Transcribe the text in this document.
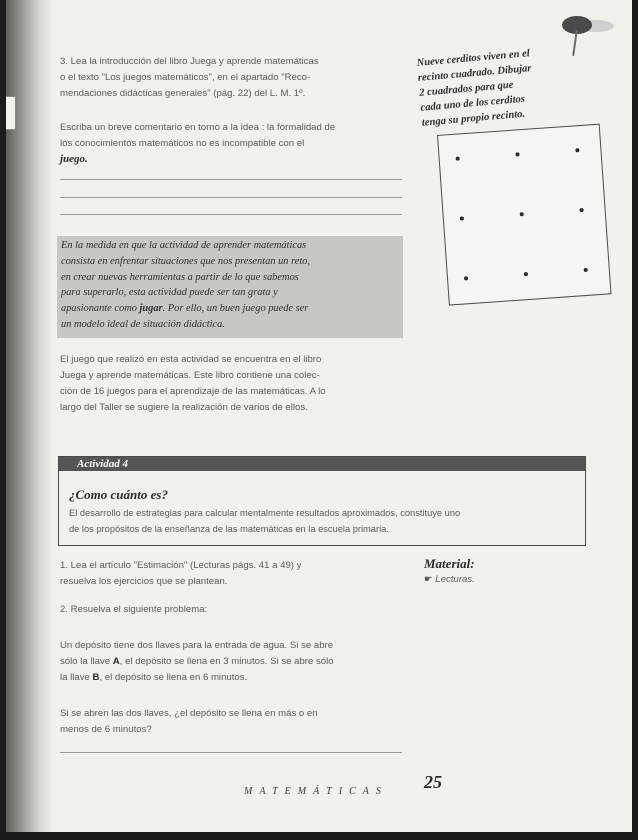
3. Lea la introducción del libro Juega y aprende matemáticas
o el texto "Los juegos matemáticos", en el apartado "Reco-
mendaciones didácticas generales" (pág. 22) del L. M. 1º.
Escriba un breve comentario en torno a la idea : la formalidad de
los conocimientos matemáticos no es incompatible con el
juego.
En la medida en que la actividad de aprender matemáticas
consista en enfrentar situaciones que nos presentan un reto,
en crear nuevas herramientas a partir de lo que sabemos
para superarlo, esta actividad puede ser tan grata y
apasionante como jugar. Por ello, un buen juego puede ser
un modelo ideal de situación didáctica.
El juego que realizó en esta actividad se encuentra en el libro
Juega y aprende matemáticas. Este libro contiene una colec-
ción de 16 juegos para el aprendizaje de las matemáticas. A lo
largo del Taller se sugiere la realización de varios de ellos.
Nueve cerditos viven en el
recinto cuadrado. Dibujar
2 cuadrados para que
cada uno de los cerditos
tenga su propio recinto.
Actividad 4
¿Como cuánto es?
El desarrollo de estrategias para calcular mentalmente resultados aproximados, constituye uno
de los propósitos de la enseñanza de las matemáticas en la escuela primaria.
1. Lea el artículo "Estimación" (Lecturas págs. 41 a 49) y
resuelva los ejercicios que se plantean.
Material:
☛ Lecturas.
2. Resuelva el siguiente problema:
Un depósito tiene dos llaves para la entrada de agua. Si se abre
sólo la llave A, el depósito se llena en 3 minutos. Si se abre sólo
la llave B, el depósito se llena en 6 minutos.
Si se abren las dos llaves, ¿el depósito se llena en más o en
menos de 6 minutos?
MATEMÁTICAS 25
